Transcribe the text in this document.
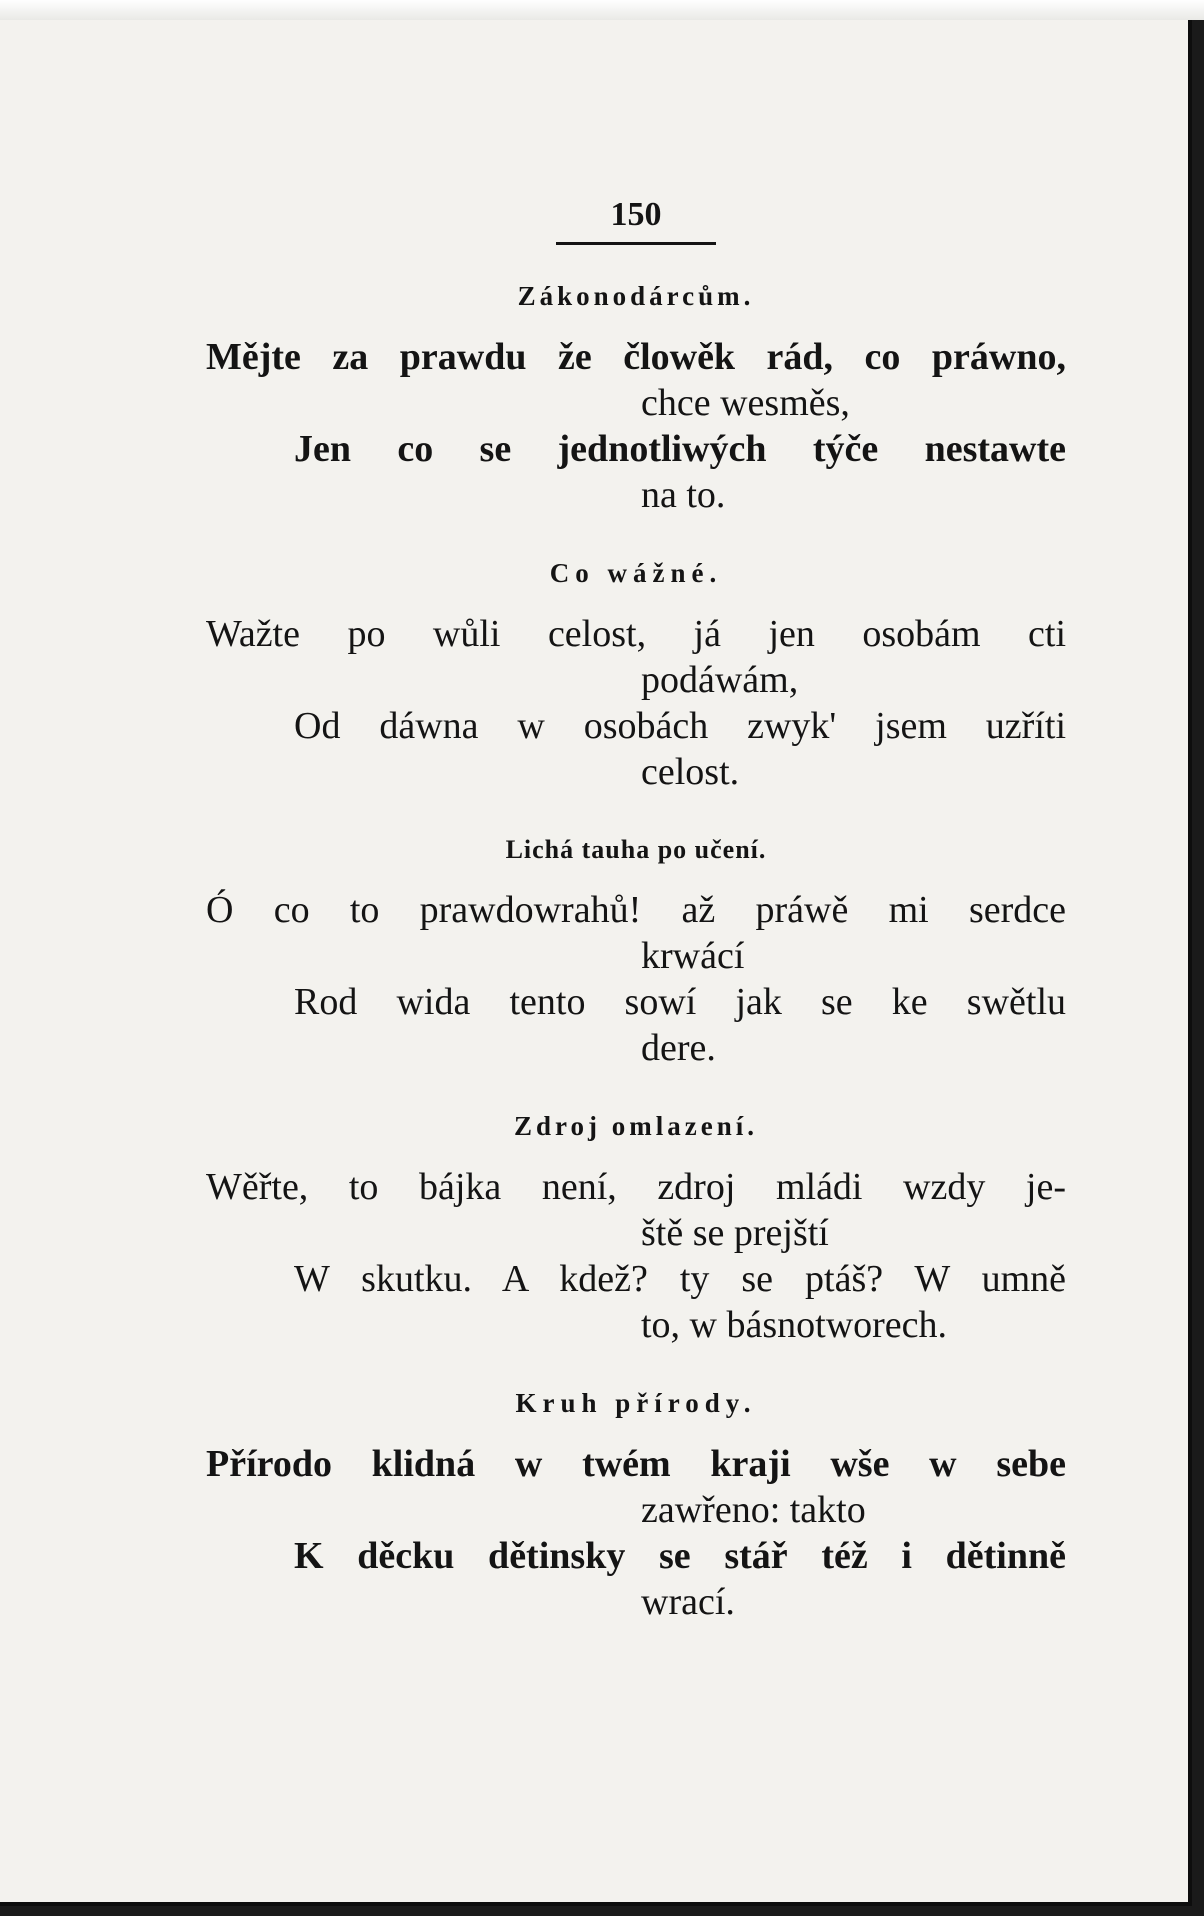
150
Zákonodárcům.
Mějte za prawdu že člowěk rád, co práwno,
chce wesměs,
Jen co se jednotliwých týče nestawte
na to.
Co wážné.
Wažte po wůli celost, já jen osobám cti
podáwám,
Od dáwna w osobách zwyk' jsem uzříti
celost.
Lichá tauha po učení.
Ó co to prawdowrahů! až práwě mi serdce
krwácí
Rod wida tento sowí jak se ke swětlu
dere.
Zdroj omlazení.
Wěřte, to bájka není, zdroj mládi wzdy je-
ště se prejští
W skutku. A kdež? ty se ptáš? W umně
to, w básnotworech.
Kruh přírody.
Přírodo klidná w twém kraji wše w sebe
zawřeno: takto
K děcku dětinsky se stář též i dětinně
wrací.
